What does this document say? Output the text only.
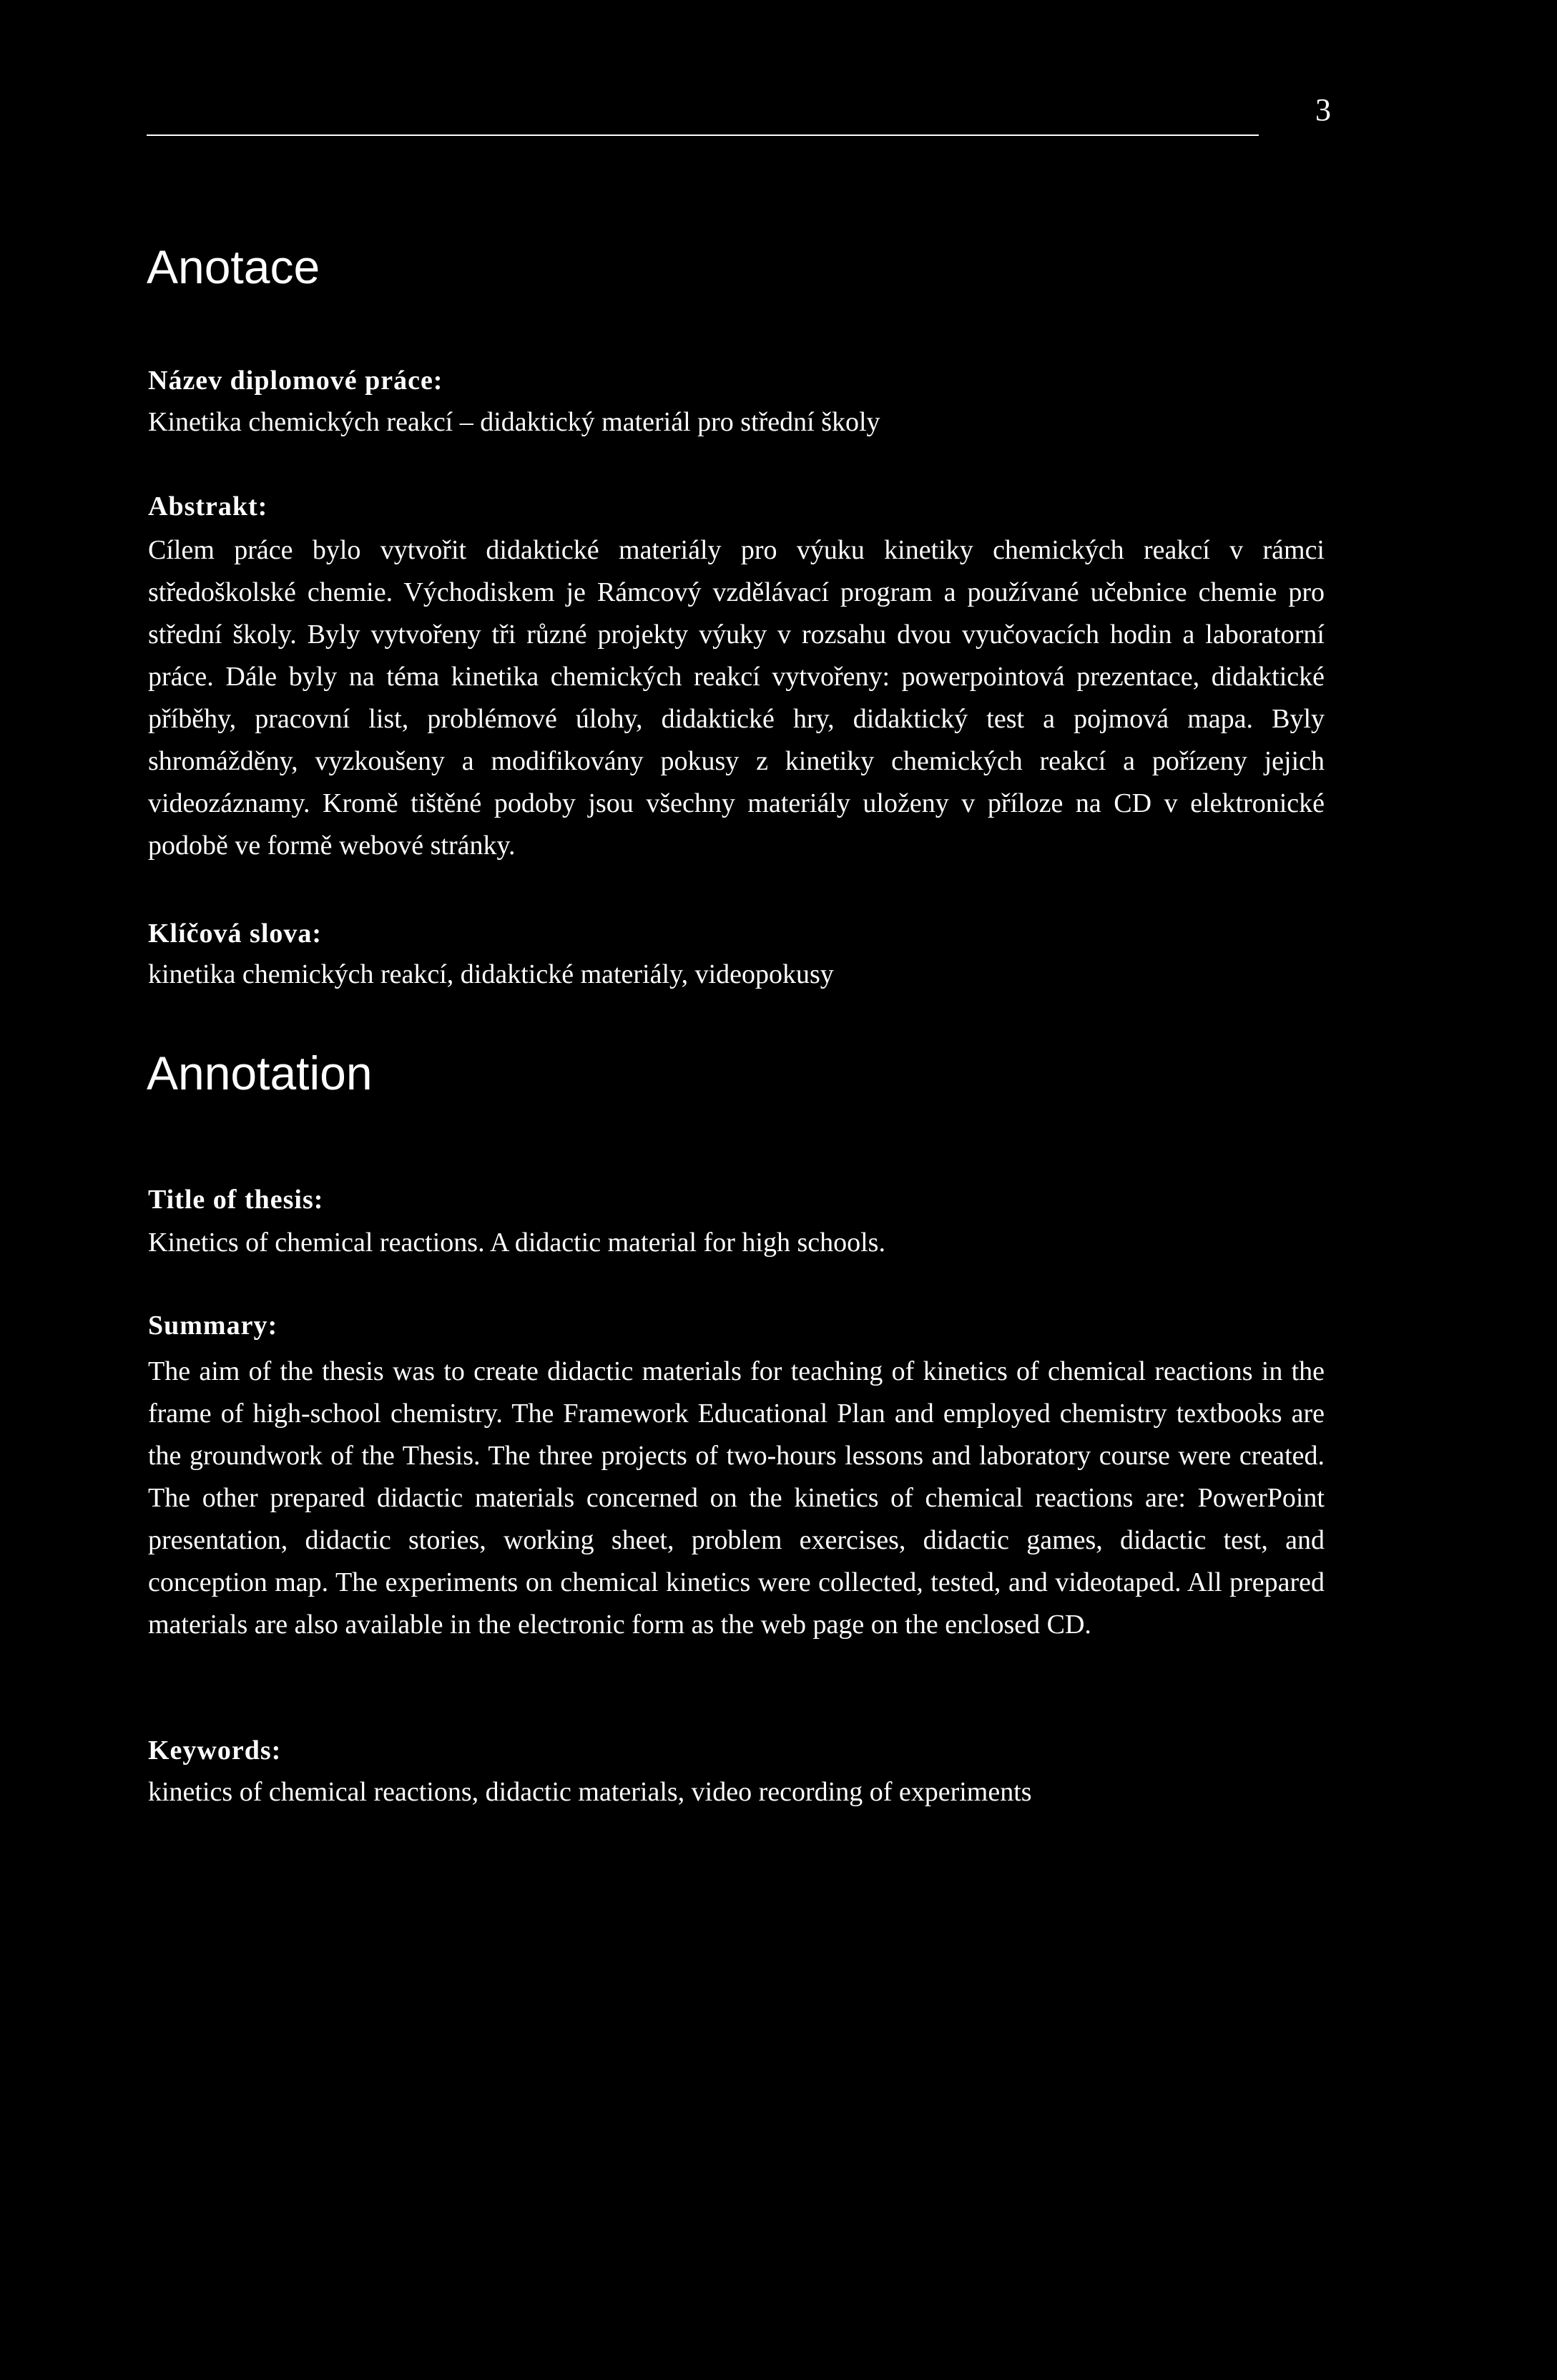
3
Anotace
Název diplomové práce:
Kinetika chemických reakcí – didaktický materiál pro střední školy
Abstrakt:

Cílem práce bylo vytvořit didaktické materiály pro výuku kinetiky chemických reakcí v rámci středoškolské chemie. Východiskem je Rámcový vzdělávací program a používané učebnice chemie pro střední školy. Byly vytvořeny tři různé projekty výuky v rozsahu dvou vyučovacích hodin a laboratorní práce. Dále byly na téma kinetika chemických reakcí vytvořeny: powerpointová prezentace, didaktické příběhy, pracovní list, problémové úlohy, didaktické hry, didaktický test a pojmová mapa. Byly shromážděny, vyzkoušeny a modifikovány pokusy z kinetiky chemických reakcí a pořízeny jejich videozáznamy. Kromě tištěné podoby jsou všechny materiály uloženy v příloze na CD v elektronické podobě ve formě webové stránky.

Klíčová slova:
kinetika chemických reakcí, didaktické materiály, videopokusy
Annotation
Title of thesis:
Kinetics of chemical reactions. A didactic material for high schools.
Summary:

The aim of the thesis was to create didactic materials for teaching of kinetics of chemical reactions in the frame of high-school chemistry. The Framework Educational Plan and employed chemistry textbooks are the groundwork of the Thesis. The three projects of two-hours lessons and laboratory course were created. The other prepared didactic materials concerned on the kinetics of chemical reactions are: PowerPoint presentation, didactic stories, working sheet, problem exercises, didactic games, didactic test, and conception map. The experiments on chemical kinetics were collected, tested, and videotaped. All prepared materials are also available in the electronic form as the web page on the enclosed CD.

Keywords:
kinetics of chemical reactions, didactic materials, video recording of experiments
